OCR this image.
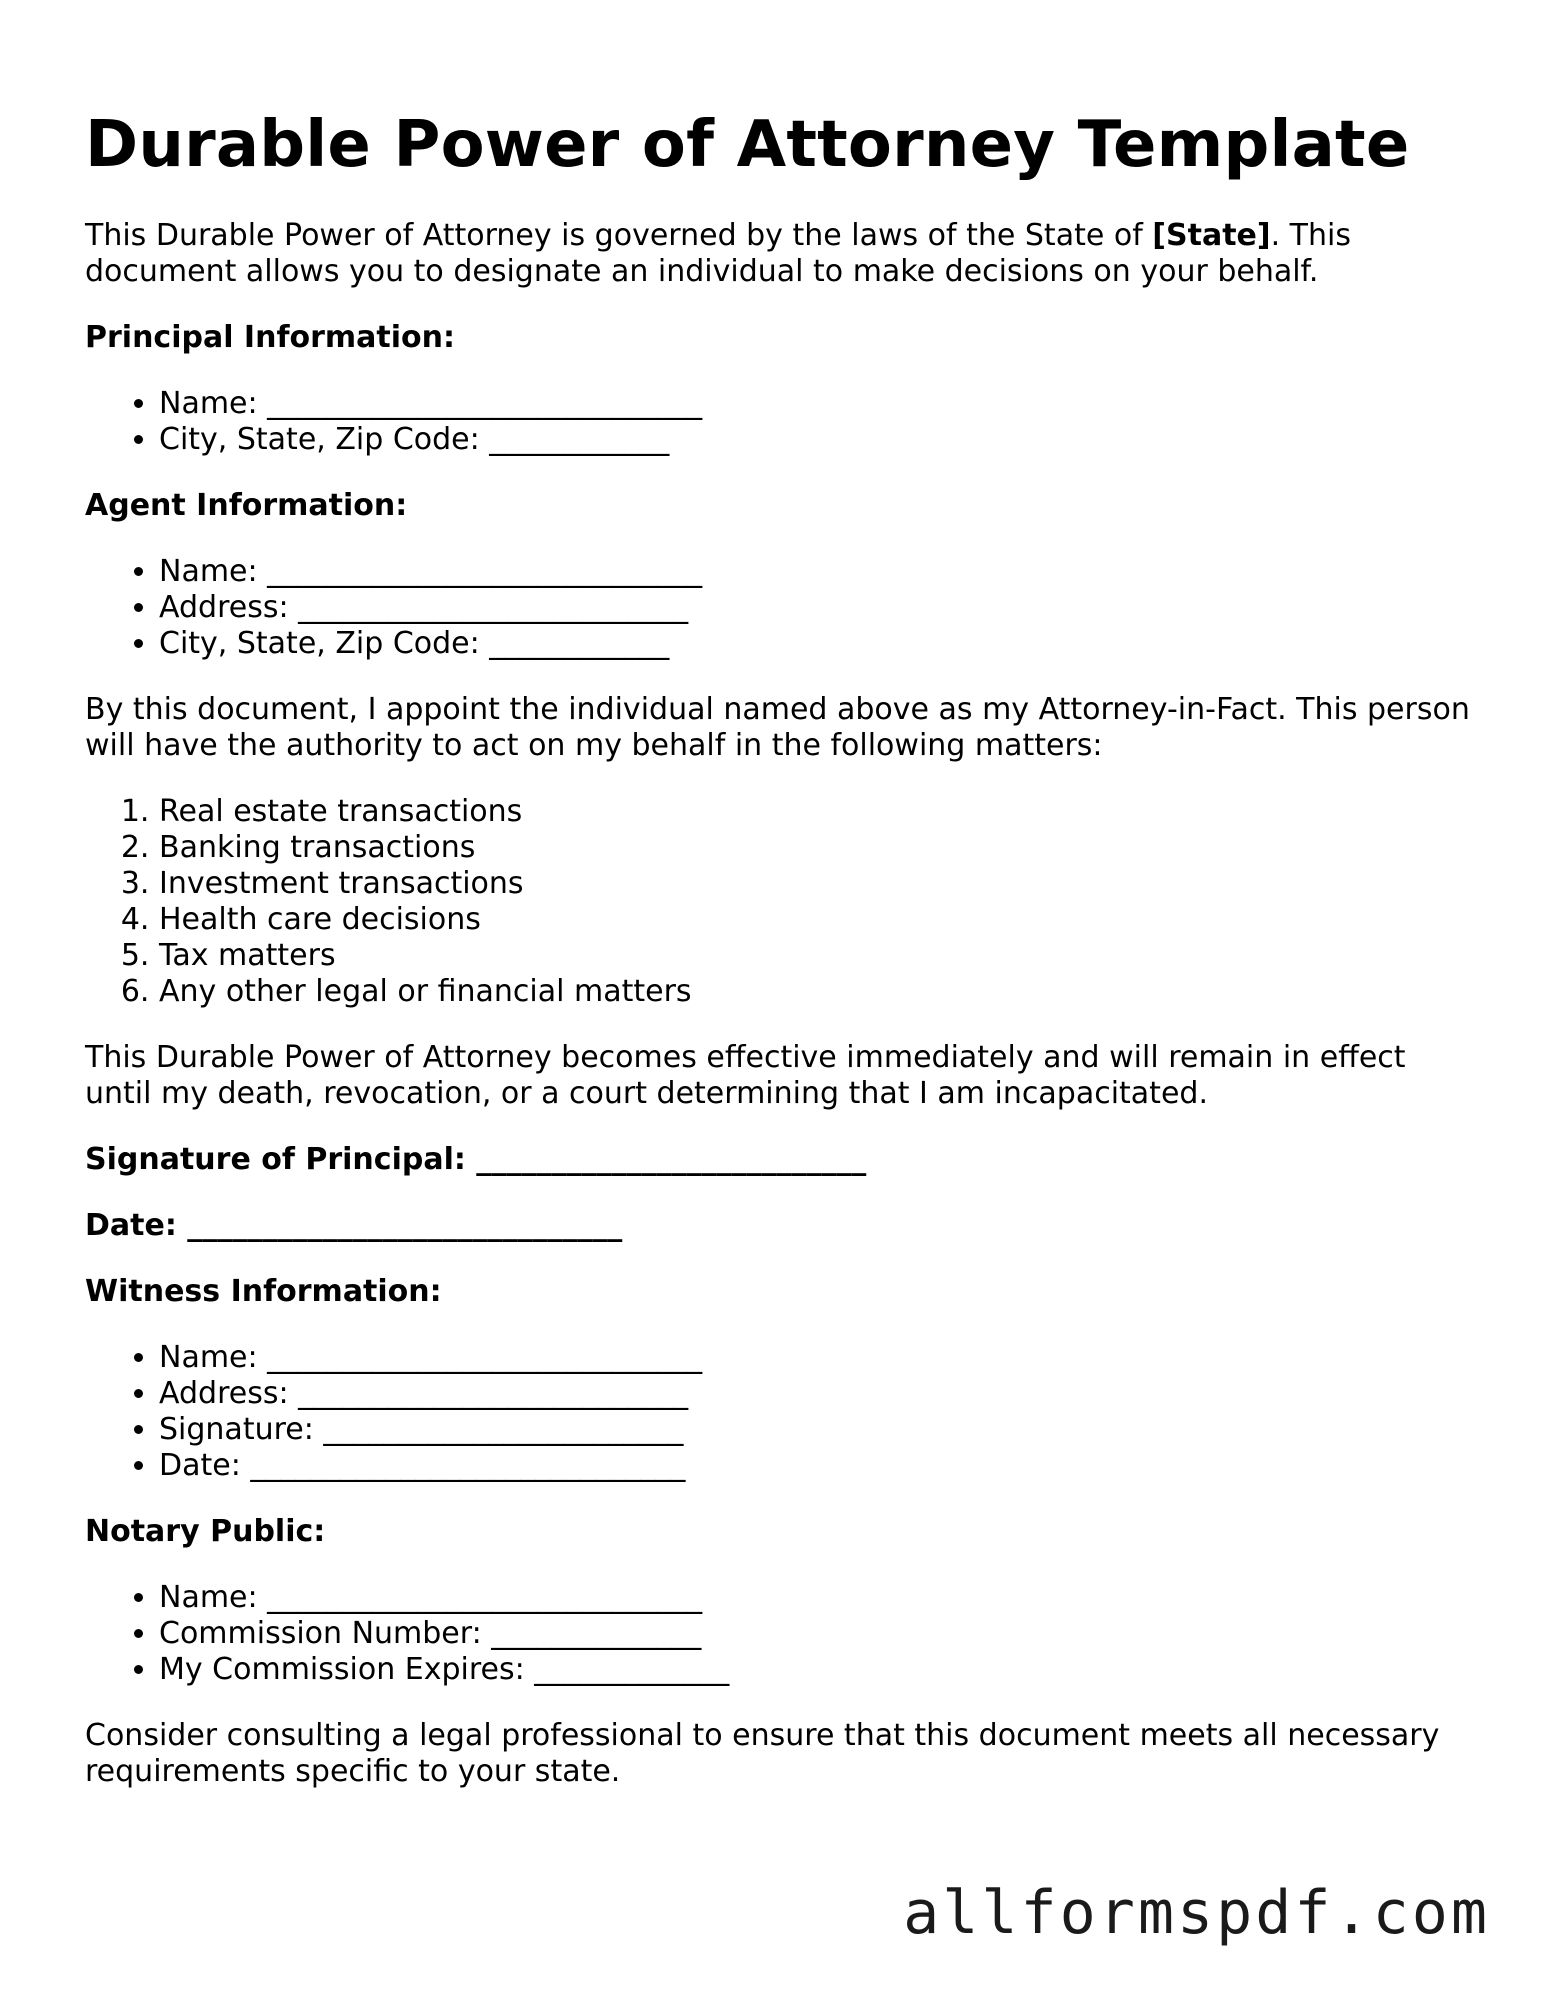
Durable Power of Attorney Template

This Durable Power of Attorney is governed by the laws of the State of [State]. This document allows you to designate an individual to make decisions on your behalf.

Principal Information:

• Name: _____________________________
• City, State, Zip Code: ____________

Agent Information:

• Name: _____________________________
• Address: __________________________
• City, State, Zip Code: ____________

By this document, I appoint the individual named above as my Attorney-in-Fact. This person will have the authority to act on my behalf in the following matters:

1. Real estate transactions
2. Banking transactions
3. Investment transactions
4. Health care decisions
5. Tax matters
6. Any other legal or financial matters

This Durable Power of Attorney becomes effective immediately and will remain in effect until my death, revocation, or a court determining that I am incapacitated.

Signature of Principal: __________________________

Date: _____________________________

Witness Information:

• Name: _____________________________
• Address: __________________________
• Signature: ________________________
• Date: _____________________________

Notary Public:

• Name: _____________________________
• Commission Number: ______________
• My Commission Expires: _____________

Consider consulting a legal professional to ensure that this document meets all necessary requirements specific to your state.

allformspdf.com
